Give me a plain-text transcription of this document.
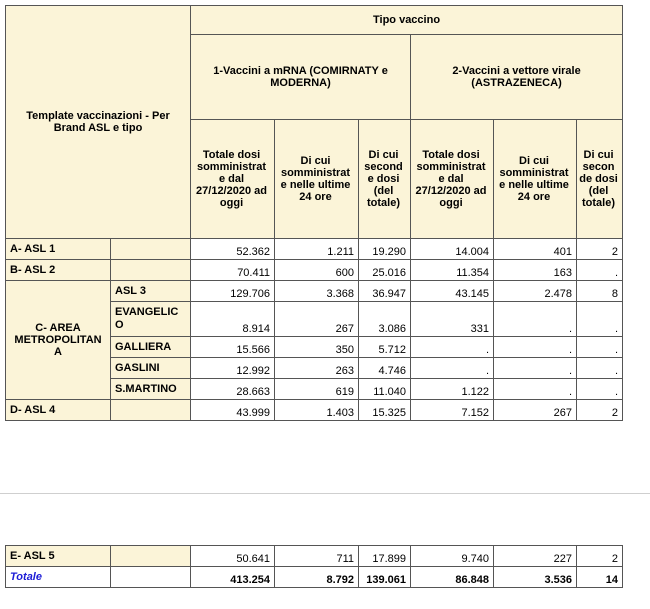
Template vaccinazioni - Per Brand ASL e tipo		Tipo vaccino					
		1-Vaccini a mRNA (COMIRNATY e MODERNA)			2-Vaccini a vettore virale (ASTRAZENECA)		
		Totale dosi somministrat e dal 27/12/2020 ad oggi	Di cui somministrat e nelle ultime 24 ore	Di cui second e dosi (del totale)	Totale dosi somministrat e dal 27/12/2020 ad oggi	Di cui somministrat e nelle ultime 24 ore	Di cui secon de dosi (del totale)
A- ASL 1		52.362	1.211	19.290	14.004	401	2
B- ASL 2		70.411	600	25.016	11.354	163	.
C- AREA METROPOLITAN A	ASL 3	129.706	3.368	36.947	43.145	2.478	8
	EVANGELIC O	8.914	267	3.086	331	.	.
	GALLIERA	15.566	350	5.712	.	.	.
	GASLINI	12.992	263	4.746	.	.	.
	S.MARTINO	28.663	619	11.040	1.122	.	.
D- ASL 4		43.999	1.403	15.325	7.152	267	2
E- ASL 5		50.641	711	17.899	9.740	227	2
Totale		413.254	8.792	139.061	86.848	3.536	14
